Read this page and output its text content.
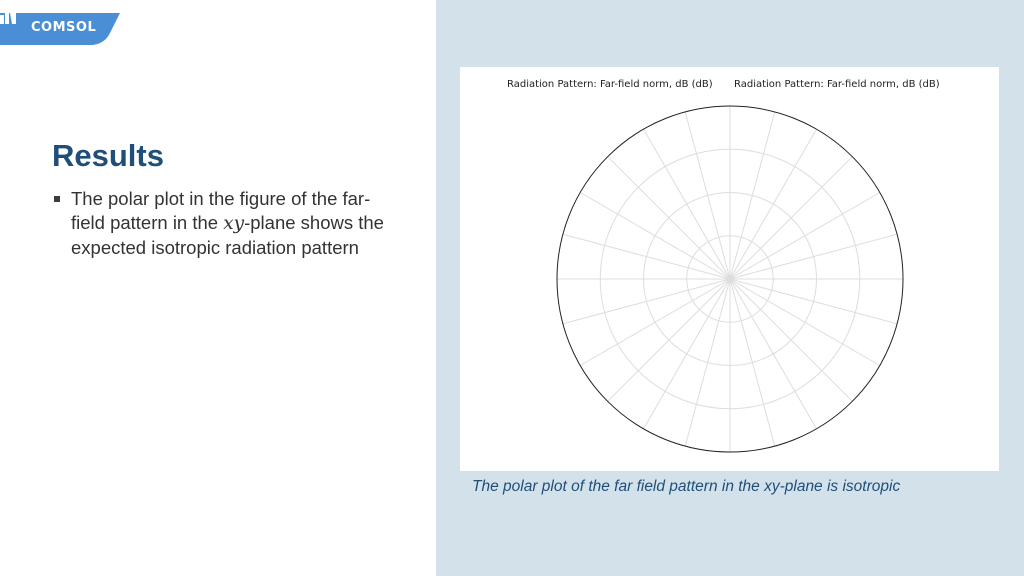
COMSOL
Results
The polar plot in the figure of the far-field pattern in the xy-plane shows the expected isotropic radiation pattern
Radiation Pattern: Far-field norm, dB (dB) Radiation Pattern: Far-field norm, dB (dB)

The polar plot of the far field pattern in the xy-plane is isotropic
